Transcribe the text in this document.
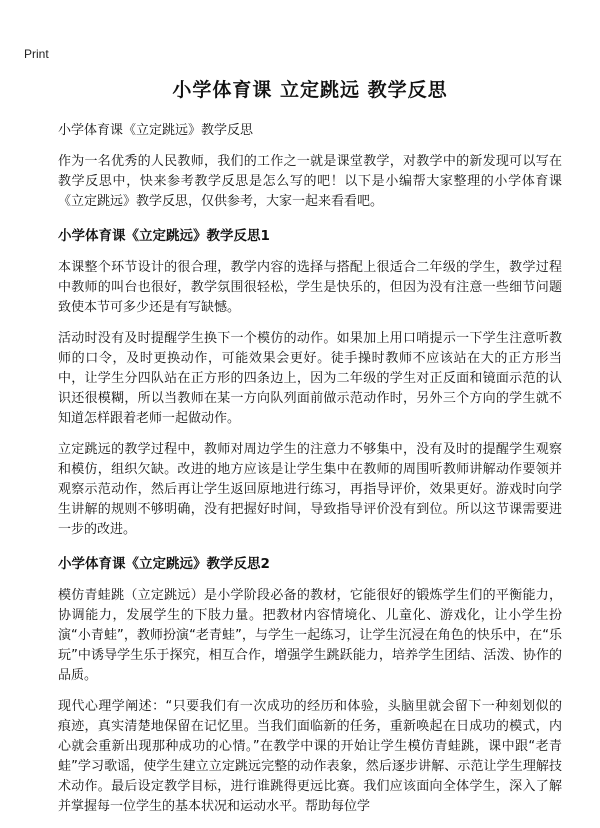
Print
小学体育课 立定跳远 教学反思
小学体育课《立定跳远》教学反思

作为一名优秀的人民教师，我们的工作之一就是课堂教学，对教学中的新发现可以写在教学反思中，快来参考教学反思是怎么写的吧！以下是小编帮大家整理的小学体育课《立定跳远》教学反思，仅供参考，大家一起来看看吧。

小学体育课《立定跳远》教学反思1

本课整个环节设计的很合理，教学内容的选择与搭配上很适合二年级的学生，教学过程中教师的叫台也很好，教学氛围很轻松，学生是快乐的，但因为没有注意一些细节问题致使本节可多少还是有写缺憾。

活动时没有及时提醒学生换下一个模仿的动作。如果加上用口哨提示一下学生注意听教师的口令，及时更换动作，可能效果会更好。徒手操时教师不应该站在大的正方形当中，让学生分四队站在正方形的四条边上，因为二年级的学生对正反面和镜面示范的认识还很模糊，所以当教师在某一方向队列面前做示范动作时，另外三个方向的学生就不知道怎样跟着老师一起做动作。

立定跳远的教学过程中，教师对周边学生的注意力不够集中，没有及时的提醒学生观察和模仿，组织欠缺。改进的地方应该是让学生集中在教师的周围听教师讲解动作要领并观察示范动作，然后再让学生返回原地进行练习，再指导评价，效果更好。游戏时向学生讲解的规则不够明确，没有把握好时间，导致指导评价没有到位。所以这节课需要进一步的改进。

小学体育课《立定跳远》教学反思2

模仿青蛙跳（立定跳远）是小学阶段必备的教材，它能很好的锻炼学生们的平衡能力，协调能力，发展学生的下肢力量。把教材内容情境化、儿童化、游戏化，让小学生扮演“小青蛙”，教师扮演“老青蛙”，与学生一起练习，让学生沉浸在角色的快乐中，在“乐玩”中诱导学生乐于探究，相互合作，增强学生跳跃能力，培养学生团结、活泼、协作的品质。

现代心理学阐述：“只要我们有一次成功的经历和体验，头脑里就会留下一种刻划似的 痕迹，真实清楚地保留在记忆里。当我们面临新的任务，重新唤起在日成功的模式，内心就会重新出现那种成功的心情。”在教学中课的开始让学生模仿青蛙跳，课中跟“老青蛙”学习歌谣，使学生建立立定跳远完整的动作表象，然后逐步讲解、示范让学生理解技术动作。最后设定教学目标，进行谁跳得更远比赛。我们应该面向全体学生，深入了解并掌握每一位学生的基本状况和运动水平。帮助每位学
